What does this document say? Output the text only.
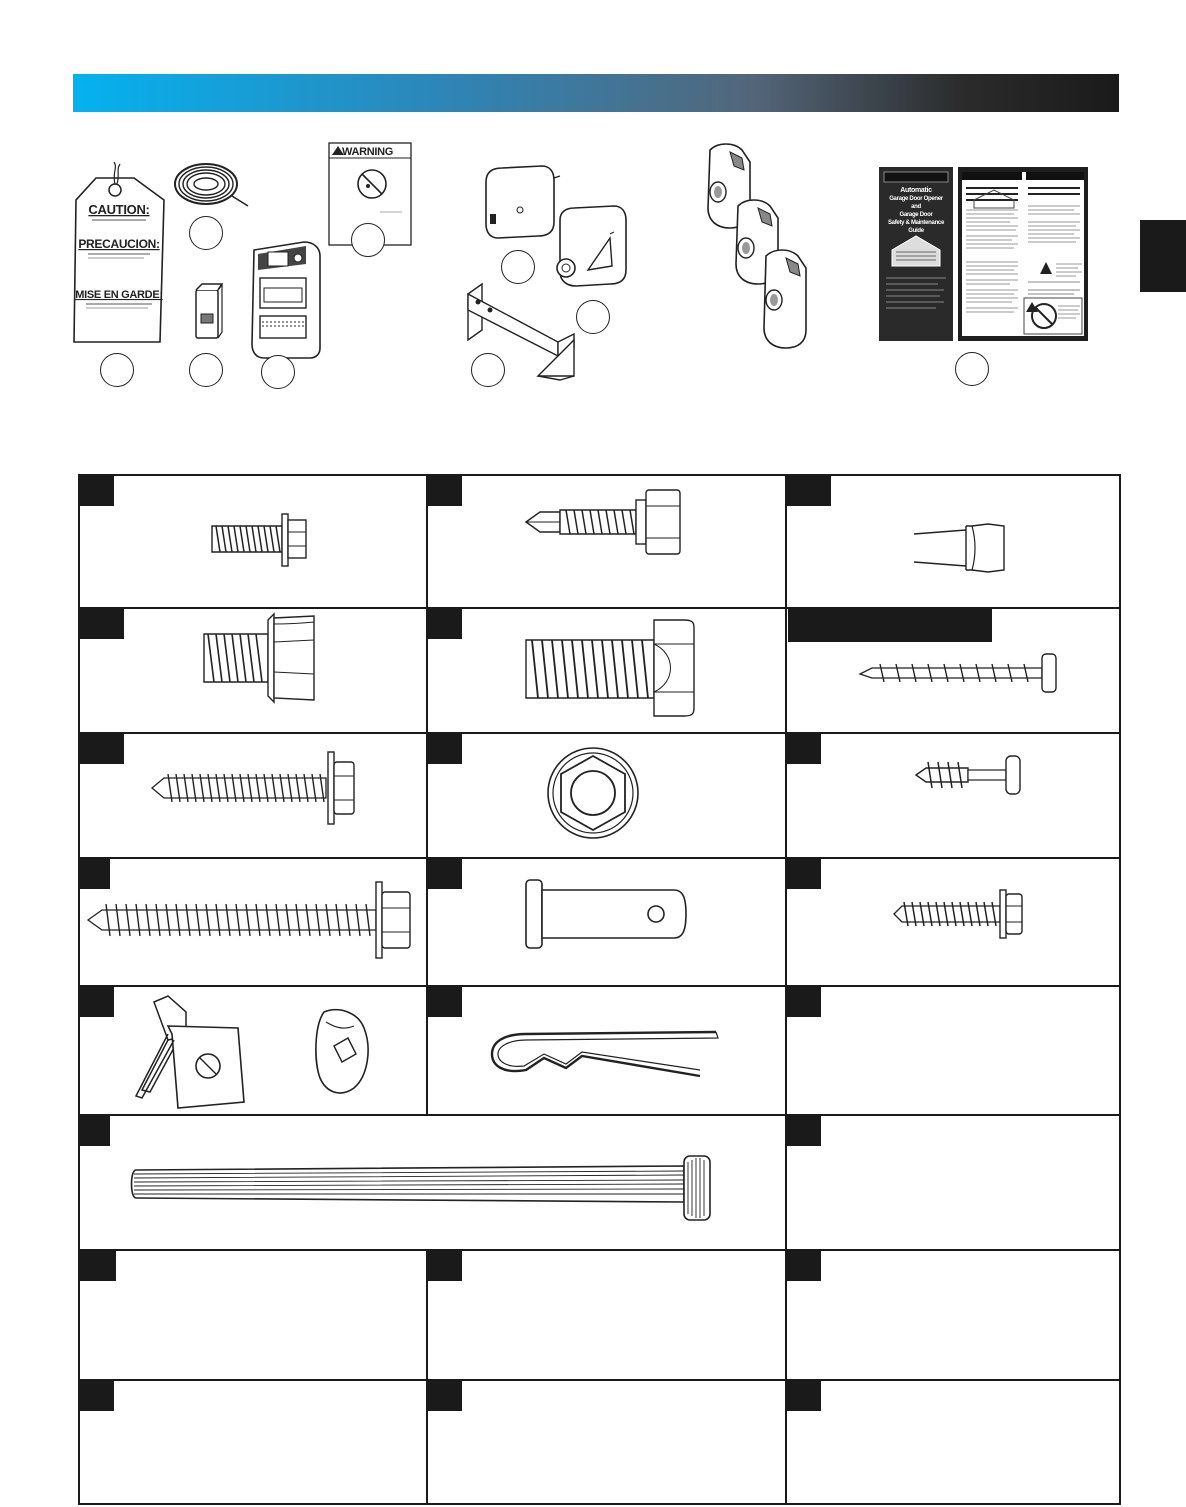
CAUTION:
PRECAUCION:
MISE EN GARDE:
WARNING
Automatic
Garage Door Opener
and
Garage Door
Safety & Maintenance
Guide
